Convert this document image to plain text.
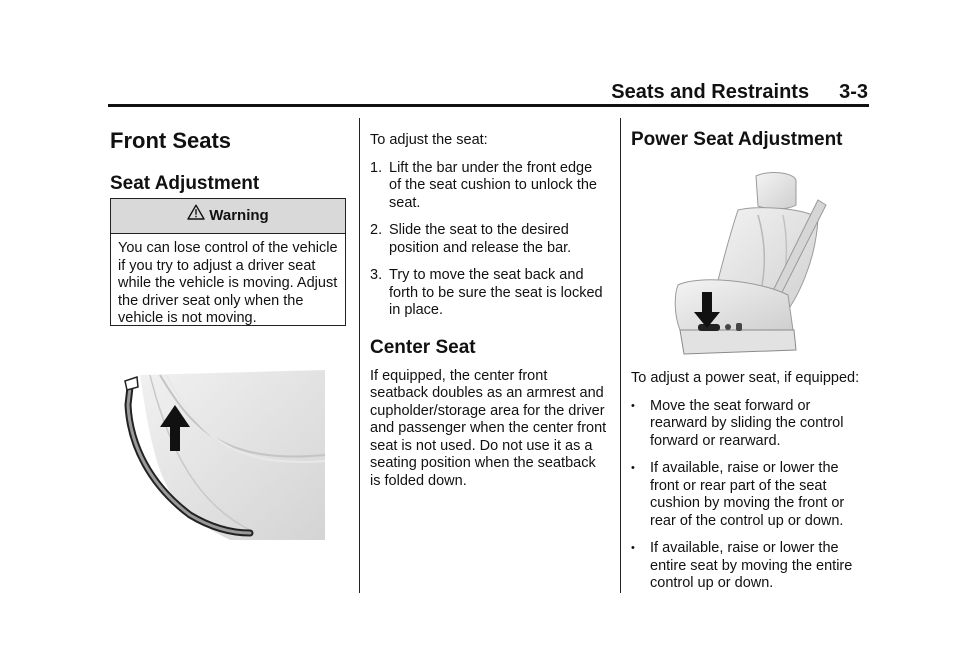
Seats and Restraints 3-3
Front Seats
Seat Adjustment
Warning
You can lose control of the vehicle if you try to adjust a driver seat while the vehicle is moving. Adjust the driver seat only when the vehicle is not moving.

To adjust the seat:

1. Lift the bar under the front edge of the seat cushion to unlock the seat.
2. Slide the seat to the desired position and release the bar.
3. Try to move the seat back and forth to be sure the seat is locked in place.
Center Seat

If equipped, the center front seatback doubles as an armrest and cupholder/storage area for the driver and passenger when the center front seat is not used. Do not use it as a seating position when the seatback is folded down.

Power Seat Adjustment

To adjust a power seat, if equipped:

• Move the seat forward or rearward by sliding the control forward or rearward.
• If available, raise or lower the front or rear part of the seat cushion by moving the front or rear of the control up or down.
• If available, raise or lower the entire seat by moving the entire control up or down.
